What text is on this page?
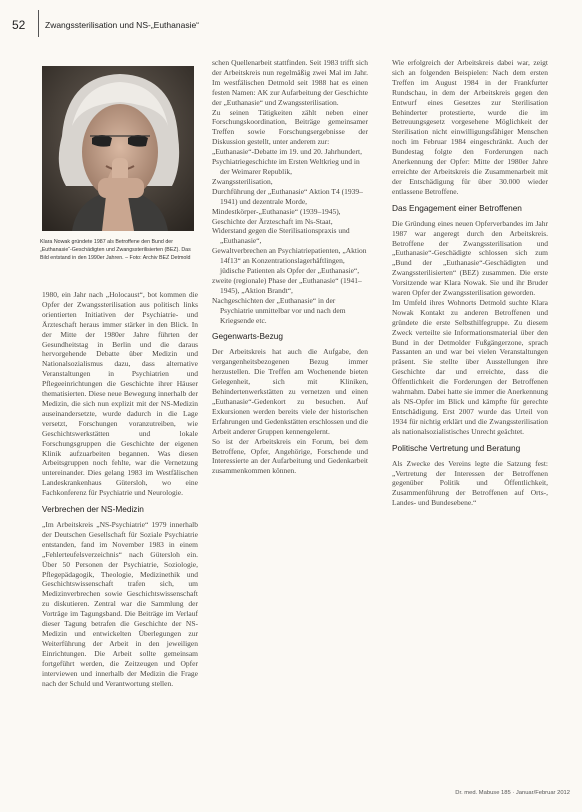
52 Zwangssterilisation und NS-„Euthanasie“
Klara Nowak gründete 1987 als Betroffene den Bund der „Euthanasie“-Geschädigten und Zwangssterilisierten (BEZ). Das Bild entstand in den 1990er Jahren. – Foto: Archiv BEZ Detmold

1980, ein Jahr nach „Holocaust“, bot kommen die Opfer der Zwangssterilisation aus politisch links orientierten Initiativen der Psychiatrie- und Ärzteschaft heraus immer stärker in den Blick. In der Mitte der 1980er Jahre führten der Gesundheitstag in Berlin und die daraus hervorgehende Debatte über Medizin und Nationalsozialismus dazu, dass alternative Veranstaltungen in Psychiatrien und Pflegeeinrichtungen die Geschichte ihrer Häuser thematisierten. Diese neue Bewegung innerhalb der Medizin, die sich nun explizit mit der NS-Medizin auseinandersetzte, wurde dadurch in die Lage versetzt, Forschungen voranzutreiben, wie Geschichtswerkstätten und lokale Forschungsgruppen die Geschichte der eigenen Klinik aufzuarbeiten begannen. Was diesen Arbeitsgruppen noch fehlte, war die Vernetzung untereinander. Dies gelang 1983 im Westfälischen Landeskrankenhaus Gütersloh, wo eine Fachkonferenz für Psychiatrie und Neurologie.

Verbrechen der NS-Medizin

„Im Arbeitskreis „NS-Psychiatrie“ 1979 innerhalb der Deutschen Gesellschaft für Soziale Psychiatrie entstanden, fand im November 1983 in einem „Fehlerteufelsverzeichnis“ nach Gütersloh ein. Über 50 Personen der Psychiatrie, Soziologie, Pflegepädagogik, Theologie, Medizinethik und Geschichtswissenschaft trafen sich, um Medizinverbrechen sowie Geschichtswissenschaft zu diskutieren. Zentral war die Sammlung der Vorträge im Tagungsband. Die Beiträge im Verlauf dieser Tagung betrafen die Geschichte der NS-Medizin und entwickelten Überlegungen zur Weiterführung der Arbeit in den jeweiligen Einrichtungen. Die Arbeit sollte gemeinsam fortgeführt werden, die Zeitzeugen und Opfer interviewen und innerhalb der Medizin die Frage nach der Schuld und Verantwortung stellen.

schen Quellenarbeit stattfinden. Seit 1983 trifft sich der Arbeitskreis nun regelmäßig zwei Mal im Jahr. Im westfälischen Detmold seit 1988 hat es einen festen Namen: AK zur Aufarbeitung der Geschichte der „Euthanasie“ und Zwangssterilisation.

Zu seinen Tätigkeiten zählt neben einer Forschungskoordination, Beiträge gemeinsamer Treffen sowie Forschungsergebnisse der Diskussion gestellt, unter anderem zur:

„Euthanasie“-Debatte im 19. und 20. Jahrhundert,
Psychiatriegeschichte im Ersten Weltkrieg und in der Weimarer Republik,
Zwangssterilisation,
Durchführung der „Euthanasie“ Aktion T4 (1939–1941) und dezentrale Morde,
Mindestkörper-„Euthanasie“ (1939–1945),
Geschichte der Ärzteschaft im Ns-Staat,
Widerstand gegen die Sterilisationspraxis und „Euthanasie“,
Gewaltverbrechen an Psychiatriepatienten, „Aktion 14f13“ an Konzentrationslagerhäftlingen, jüdische Patienten als Opfer der „Euthanasie“,
zweite (regionale) Phase der „Euthanasie“ (1941–1945), „Aktion Brandt“,
Nachgeschichten der „Euthanasie“ in der Psychiatrie unmittelbar vor und nach dem Kriegsende etc.
Gegenwarts-Bezug

Der Arbeitskreis hat auch die Aufgabe, den vergangenheitsbezogenen Bezug immer herzustellen. Die Treffen am Wochenende bieten Gelegenheit, sich mit Kliniken, Behindertenwerkstätten zu vernetzen und einen „Euthanasie“-Gedenkort zu besuchen. Auf Exkursionen werden bereits viele der historischen Erfahrungen und Gedenkstätten erschlossen und die Arbeit anderer Gruppen kennengelernt.

So ist der Arbeitskreis ein Forum, bei dem Betroffene, Opfer, Angehörige, Forschende und Interessierte an der Aufarbeitung und Gedenkarbeit zusammenkommen können.

Wie erfolgreich der Arbeitskreis dabei war, zeigt sich an folgenden Beispielen: Nach dem ersten Treffen im August 1984 in der Frankfurter Rundschau, in dem der Arbeitskreis gegen den Entwurf eines Gesetzes zur Sterilisation Behinderter protestierte, wurde die im Betreuungsgesetz vorgesehene Möglichkeit der Sterilisation nicht einwilligungsfähiger Menschen noch im Februar 1984 eingeschränkt. Auch der Bundestag folgte den Forderungen nach Anerkennung der Opfer: Mitte der 1980er Jahre erreichte der Arbeitskreis die Zusammenarbeit mit der Entschädigung für über 30.000 wieder entlassene Betroffene.

Das Engagement einer Betroffenen

Die Gründung eines neuen Opferverbandes im Jahr 1987 war angeregt durch den Arbeitskreis. Betroffene der Zwangssterilisation und „Euthanasie“-Geschädigte schlossen sich zum „Bund der „Euthanasie“-Geschädigten und Zwangssterilisierten“ (BEZ) zusammen. Die erste Vorsitzende war Klara Nowak. Sie und ihr Bruder waren Opfer der Zwangssterilisation geworden.

Im Umfeld ihres Wohnorts Detmold suchte Klara Nowak Kontakt zu anderen Betroffenen und gründete die erste Selbsthilfegruppe. Zu diesem Zweck verteilte sie Informationsmaterial über den Bund in der Detmolder Fußgängerzone, sprach Passanten an und war bei vielen Veranstaltungen präsent. Sie stellte über Ausstellungen ihre Geschichte dar und erreichte, dass die Öffentlichkeit die Forderungen der Betroffenen wahrnahm. Dabei hatte sie immer die Anerkennung als NS-Opfer im Blick und kämpfte für gerechte Entschädigung. Erst 2007 wurde das Urteil von 1934 für nichtig erklärt und die Zwangssterilisation als nationalsozialistisches Unrecht geächtet.

Politische Vertretung und Beratung

Als Zwecke des Vereins legte die Satzung fest: „Vertretung der Interessen der Betroffenen gegenüber Politik und Öffentlichkeit, Zusammenführung der Betroffenen auf Orts-, Landes- und Bundesebene.“

Dr. med. Mabuse 185 · Januar/Februar 2012
